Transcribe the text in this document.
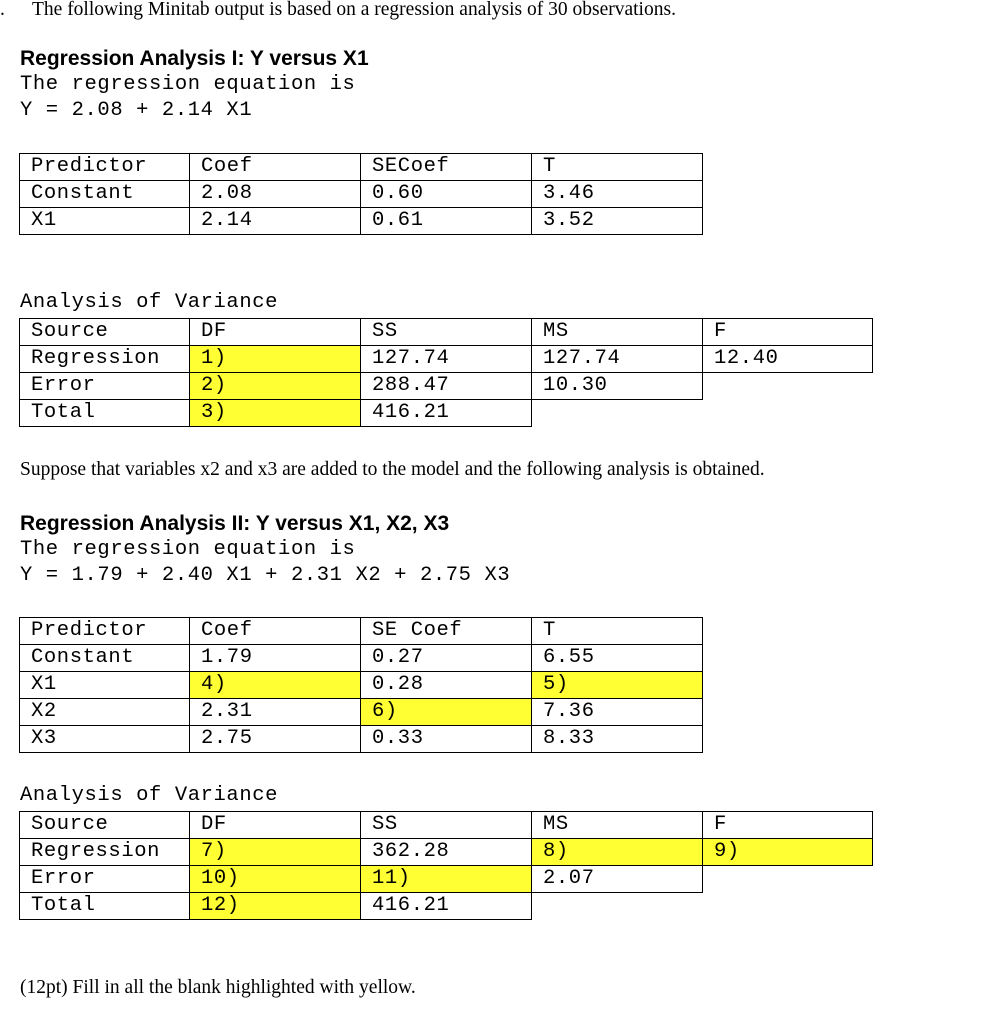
. The following Minitab output is based on a regression analysis of 30 observations.
Regression Analysis I: Y versus X1
The regression equation is
Y = 2.08 + 2.14 X1
Predictor	Coef	SECoef	T
Constant	2.08	0.60	3.46
X1	2.14	0.61	3.52
Analysis of Variance
Source	DF	SS	MS	F
Regression	1)	127.74	127.74	12.40
Error	2)	288.47	10.30	
Total	3)	416.21		
Suppose that variables x2 and x3 are added to the model and the following analysis is obtained.
Regression Analysis II: Y versus X1, X2, X3
The regression equation is
Y = 1.79 + 2.40 X1 + 2.31 X2 + 2.75 X3
Predictor	Coef	SE Coef	T
Constant	1.79	0.27	6.55
X1	4)	0.28	5)
X2	2.31	6)	7.36
X3	2.75	0.33	8.33
Analysis of Variance
Source	DF	SS	MS	F
Regression	7)	362.28	8)	9)
Error	10)	11)	2.07	
Total	12)	416.21		
(12pt) Fill in all the blank highlighted with yellow.
